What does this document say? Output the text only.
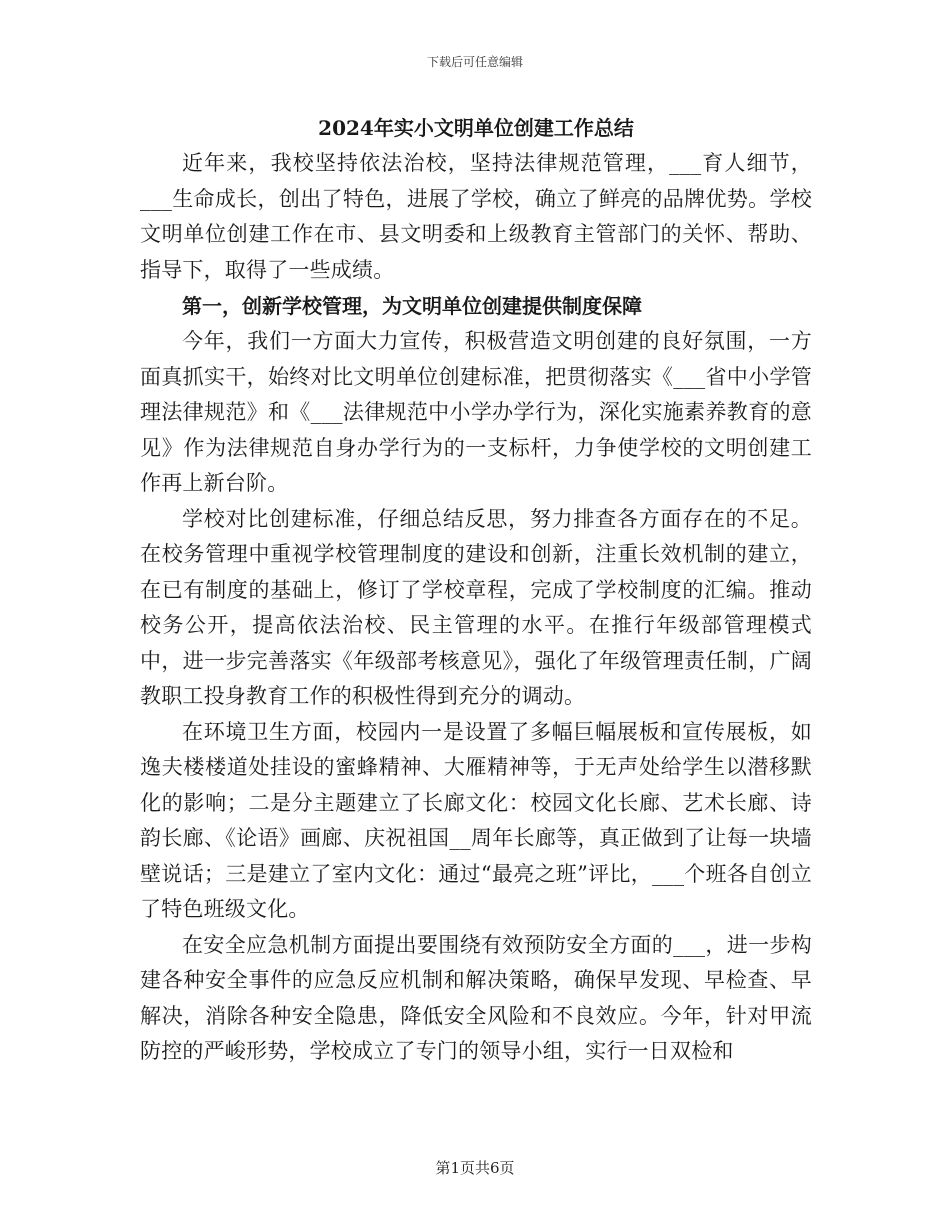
下载后可任意编辑
2024年实小文明单位创建工作总结

近年来，我校坚持依法治校，坚持法律规范管理，___育人细节，___生命成长，创出了特色，进展了学校，确立了鲜亮的品牌优势。学校文明单位创建工作在市、县文明委和上级教育主管部门的关怀、帮助、指导下，取得了一些成绩。

第一，创新学校管理，为文明单位创建提供制度保障

今年，我们一方面大力宣传，积极营造文明创建的良好氛围，一方面真抓实干，始终对比文明单位创建标准，把贯彻落实《___省中小学管理法律规范》和《___法律规范中小学办学行为，深化实施素养教育的意见》作为法律规范自身办学行为的一支标杆，力争使学校的文明创建工作再上新台阶。

学校对比创建标准，仔细总结反思，努力排查各方面存在的不足。在校务管理中重视学校管理制度的建设和创新，注重长效机制的建立，在已有制度的基础上，修订了学校章程，完成了学校制度的汇编。推动校务公开，提高依法治校、民主管理的水平。在推行年级部管理模式中，进一步完善落实《年级部考核意见》，强化了年级管理责任制，广阔教职工投身教育工作的积极性得到充分的调动。

在环境卫生方面，校园内一是设置了多幅巨幅展板和宣传展板，如逸夫楼楼道处挂设的蜜蜂精神、大雁精神等，于无声处给学生以潜移默化的影响；二是分主题建立了长廊文化：校园文化长廊、艺术长廊、诗韵长廊、《论语》画廊、庆祝祖国__周年长廊等，真正做到了让每一块墙壁说话；三是建立了室内文化：通过“最亮之班”评比，___个班各自创立了特色班级文化。

在安全应急机制方面提出要围绕有效预防安全方面的___，进一步构建各种安全事件的应急反应机制和解决策略，确保早发现、早检查、早解决，消除各种安全隐患，降低安全风险和不良效应。今年，针对甲流防控的严峻形势，学校成立了专门的领导小组，实行一日双检和

第1页共6页
